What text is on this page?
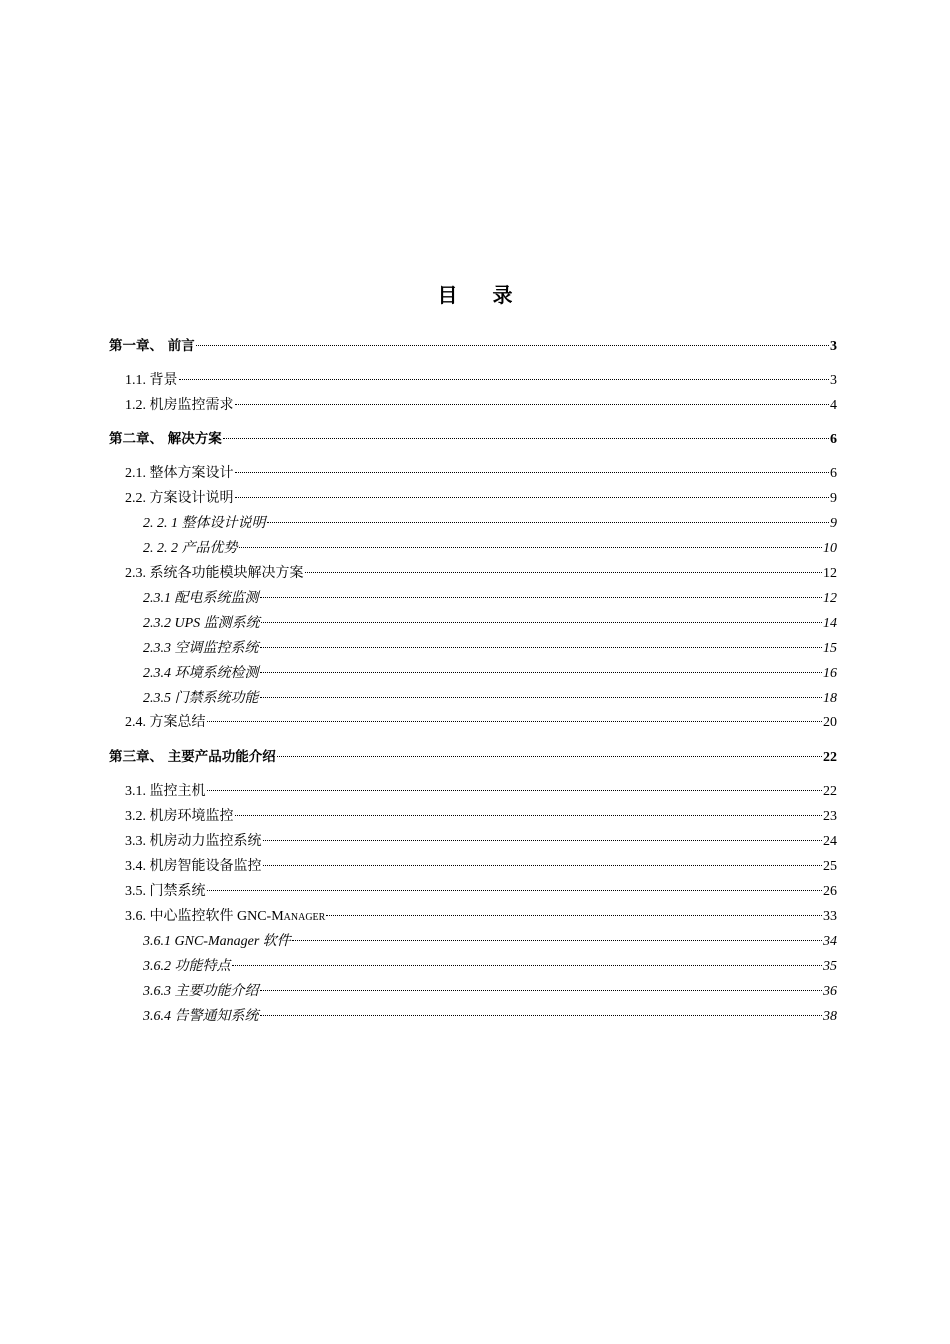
目 录
第一章、 前言	3
1.1. 背景	3
1.2. 机房监控需求	4
第二章、 解决方案	6
2.1. 整体方案设计	6
2.2. 方案设计说明	9
2. 2. 1 整体设计说明	9
2. 2. 2 产品优势	10
2.3. 系统各功能模块解决方案	12
2.3.1 配电系统监测	12
2.3.2 UPS 监测系统	14
2.3.3 空调监控系统	15
2.3.4 环境系统检测	16
2.3.5 门禁系统功能	18
2.4. 方案总结	20
第三章、 主要产品功能介绍	22
3.1. 监控主机	22
3.2. 机房环境监控	23
3.3. 机房动力监控系统	24
3.4. 机房智能设备监控	25
3.5. 门禁系统	26
3.6. 中心监控软件 GNC-Manager	33
3.6.1 GNC-Manager 软件	34
3.6.2 功能特点	35
3.6.3 主要功能介绍	36
3.6.4 告警通知系统	38
